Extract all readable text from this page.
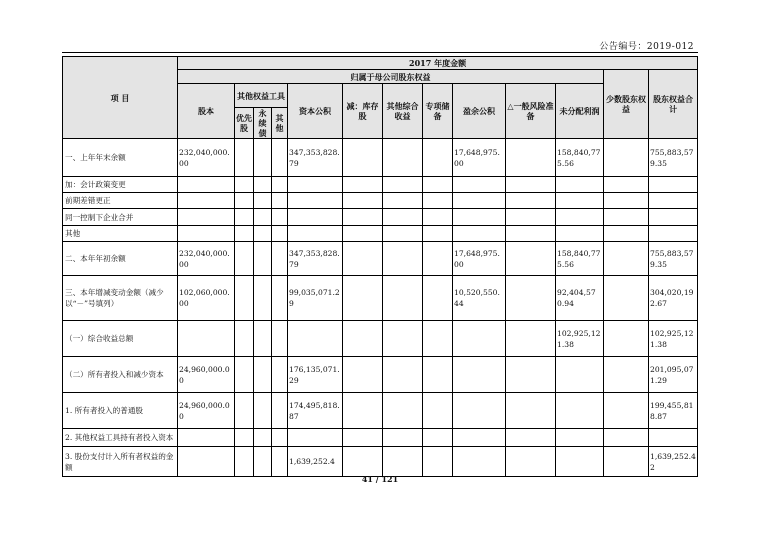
公告编号：2019-012
项 目	2017 年度金额												
	归属于母公司股东权益											少数股东权益	股东权益合计
	股本	其他权益工具			资本公积	减：库存股	其他综合收益	专项储备	盈余公积	△一般风险准备	未分配利润		
		优先股	永续债	其他									
一、上年年末余额	232,040,000.00				347,353,828.79				17,648,975.00		158,840,775.56		755,883,579.35
加：会计政策变更													
前期差错更正													
同一控制下企业合并													
其他													
二、本年年初余额	232,040,000.00				347,353,828.79				17,648,975.00		158,840,775.56		755,883,579.35
三、本年增减变动金额（减少以“－”号填列）	102,060,000.00				99,035,071.29				10,520,550.44		92,404,570.94		304,020,192.67
（一）综合收益总额											102,925,121.38		102,925,121.38
（二）所有者投入和减少资本	24,960,000.00				176,135,071.29								201,095,071.29
1. 所有者投入的普通股	24,960,000.00				174,495,818.87								199,455,818.87
2. 其他权益工具持有者投入资本													
3. 股份支付计入所有者权益的金额					1,639,252.4								1,639,252.42
41 / 121
